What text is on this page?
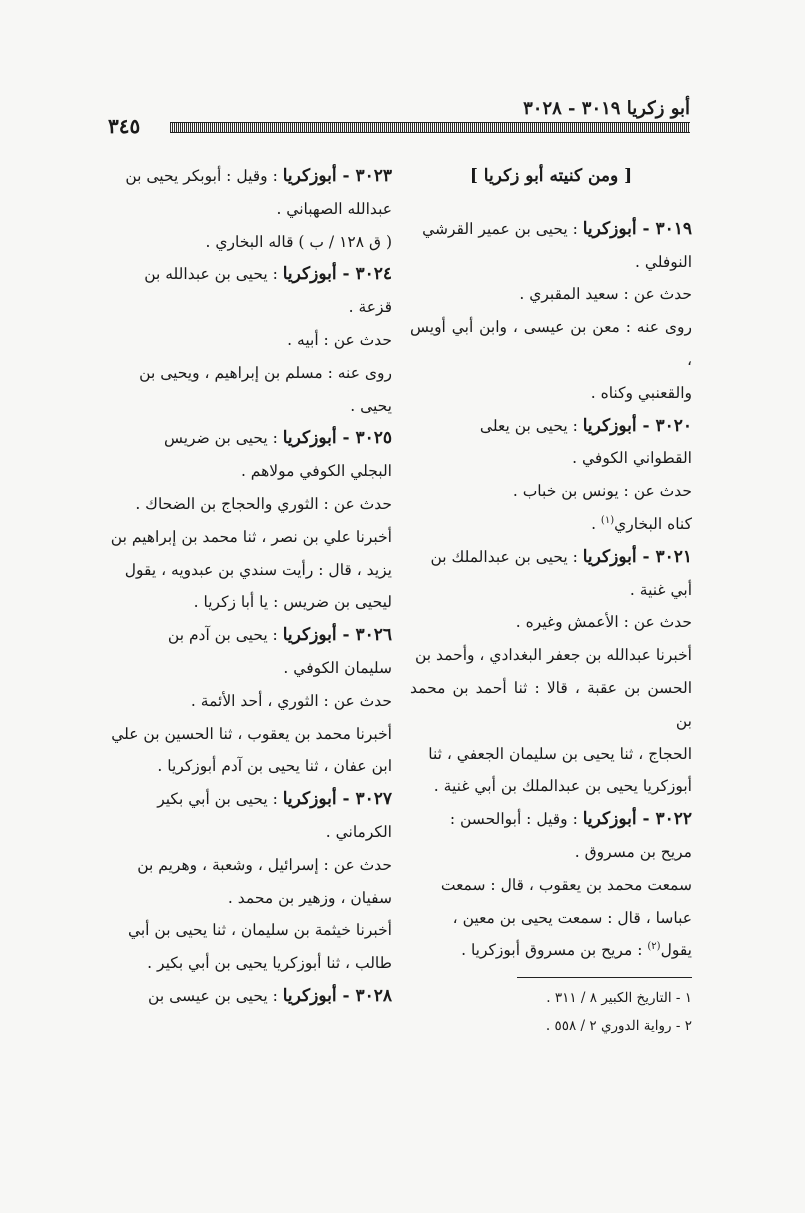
أبو زكريا ٣٠١٩ - ٣٠٢٨
٣٤٥

[ ومن كنيته أبو زكريا ]

٣٠١٩ - أبوزكريا : يحيى بن عمير القرشي

النوفلي .

حدث عن : سعيد المقبري .

روى عنه : معن بن عيسى ، وابن أبي أويس ،

والقعنبي وكناه .

٣٠٢٠ - أبوزكريا : يحيى بن يعلى

القطواني الكوفي .

حدث عن : يونس بن خباب .

كناه البخاري$^{(١)}$ .

٣٠٢١ - أبوزكريا : يحيى بن عبدالملك بن

أبي غنية .

حدث عن : الأعمش وغيره .

أخبرنا عبدالله بن جعفر البغدادي ، وأحمد بن

الحسن بن عقبة ، قالا : ثنا أحمد بن محمد بن

الحجاج ، ثنا يحيى بن سليمان الجعفي ، ثنا

أبوزكريا يحيى بن عبدالملك بن أبي غنية .

٣٠٢٢ - أبوزكريا : وقيل : أبوالحسن :

مريح بن مسروق .

سمعت محمد بن يعقوب ، قال : سمعت

عباسا ، قال : سمعت يحيى بن معين ،

يقول$^{(٢)}$ : مريح بن مسروق أبوزكريا .

١ - التاريخ الكبير ٨ / ٣١١ .

٢ - رواية الدوري ٢ / ٥٥٨ .

٣٠٢٣ - أبوزكريا : وقيل : أبوبكر يحيى بن

عبدالله الصهباني .

( ق ١٢٨ / ب ) قاله البخاري .

٣٠٢٤ - أبوزكريا : يحيى بن عبدالله بن

قزعة .

حدث عن : أبيه .

روى عنه : مسلم بن إبراهيم ، ويحيى بن

يحيى .

٣٠٢٥ - أبوزكريا : يحيى بن ضريس

البجلي الكوفي مولاهم .

حدث عن : الثوري والحجاج بن الضحاك .

أخبرنا علي بن نصر ، ثنا محمد بن إبراهيم بن

يزيد ، قال : رأيت سندي بن عبدويه ، يقول

ليحيى بن ضريس : يا أبا زكريا .

٣٠٢٦ - أبوزكريا : يحيى بن آدم بن

سليمان الكوفي .

حدث عن : الثوري ، أحد الأئمة .

أخبرنا محمد بن يعقوب ، ثنا الحسين بن علي

ابن عفان ، ثنا يحيى بن آدم أبوزكريا .

٣٠٢٧ - أبوزكريا : يحيى بن أبي بكير

الكرماني .

حدث عن : إسرائيل ، وشعبة ، وهريم بن

سفيان ، وزهير بن محمد .

أخبرنا خيثمة بن سليمان ، ثنا يحيى بن أبي

طالب ، ثنا أبوزكريا يحيى بن أبي بكير .

٣٠٢٨ - أبوزكريا : يحيى بن عيسى بن
